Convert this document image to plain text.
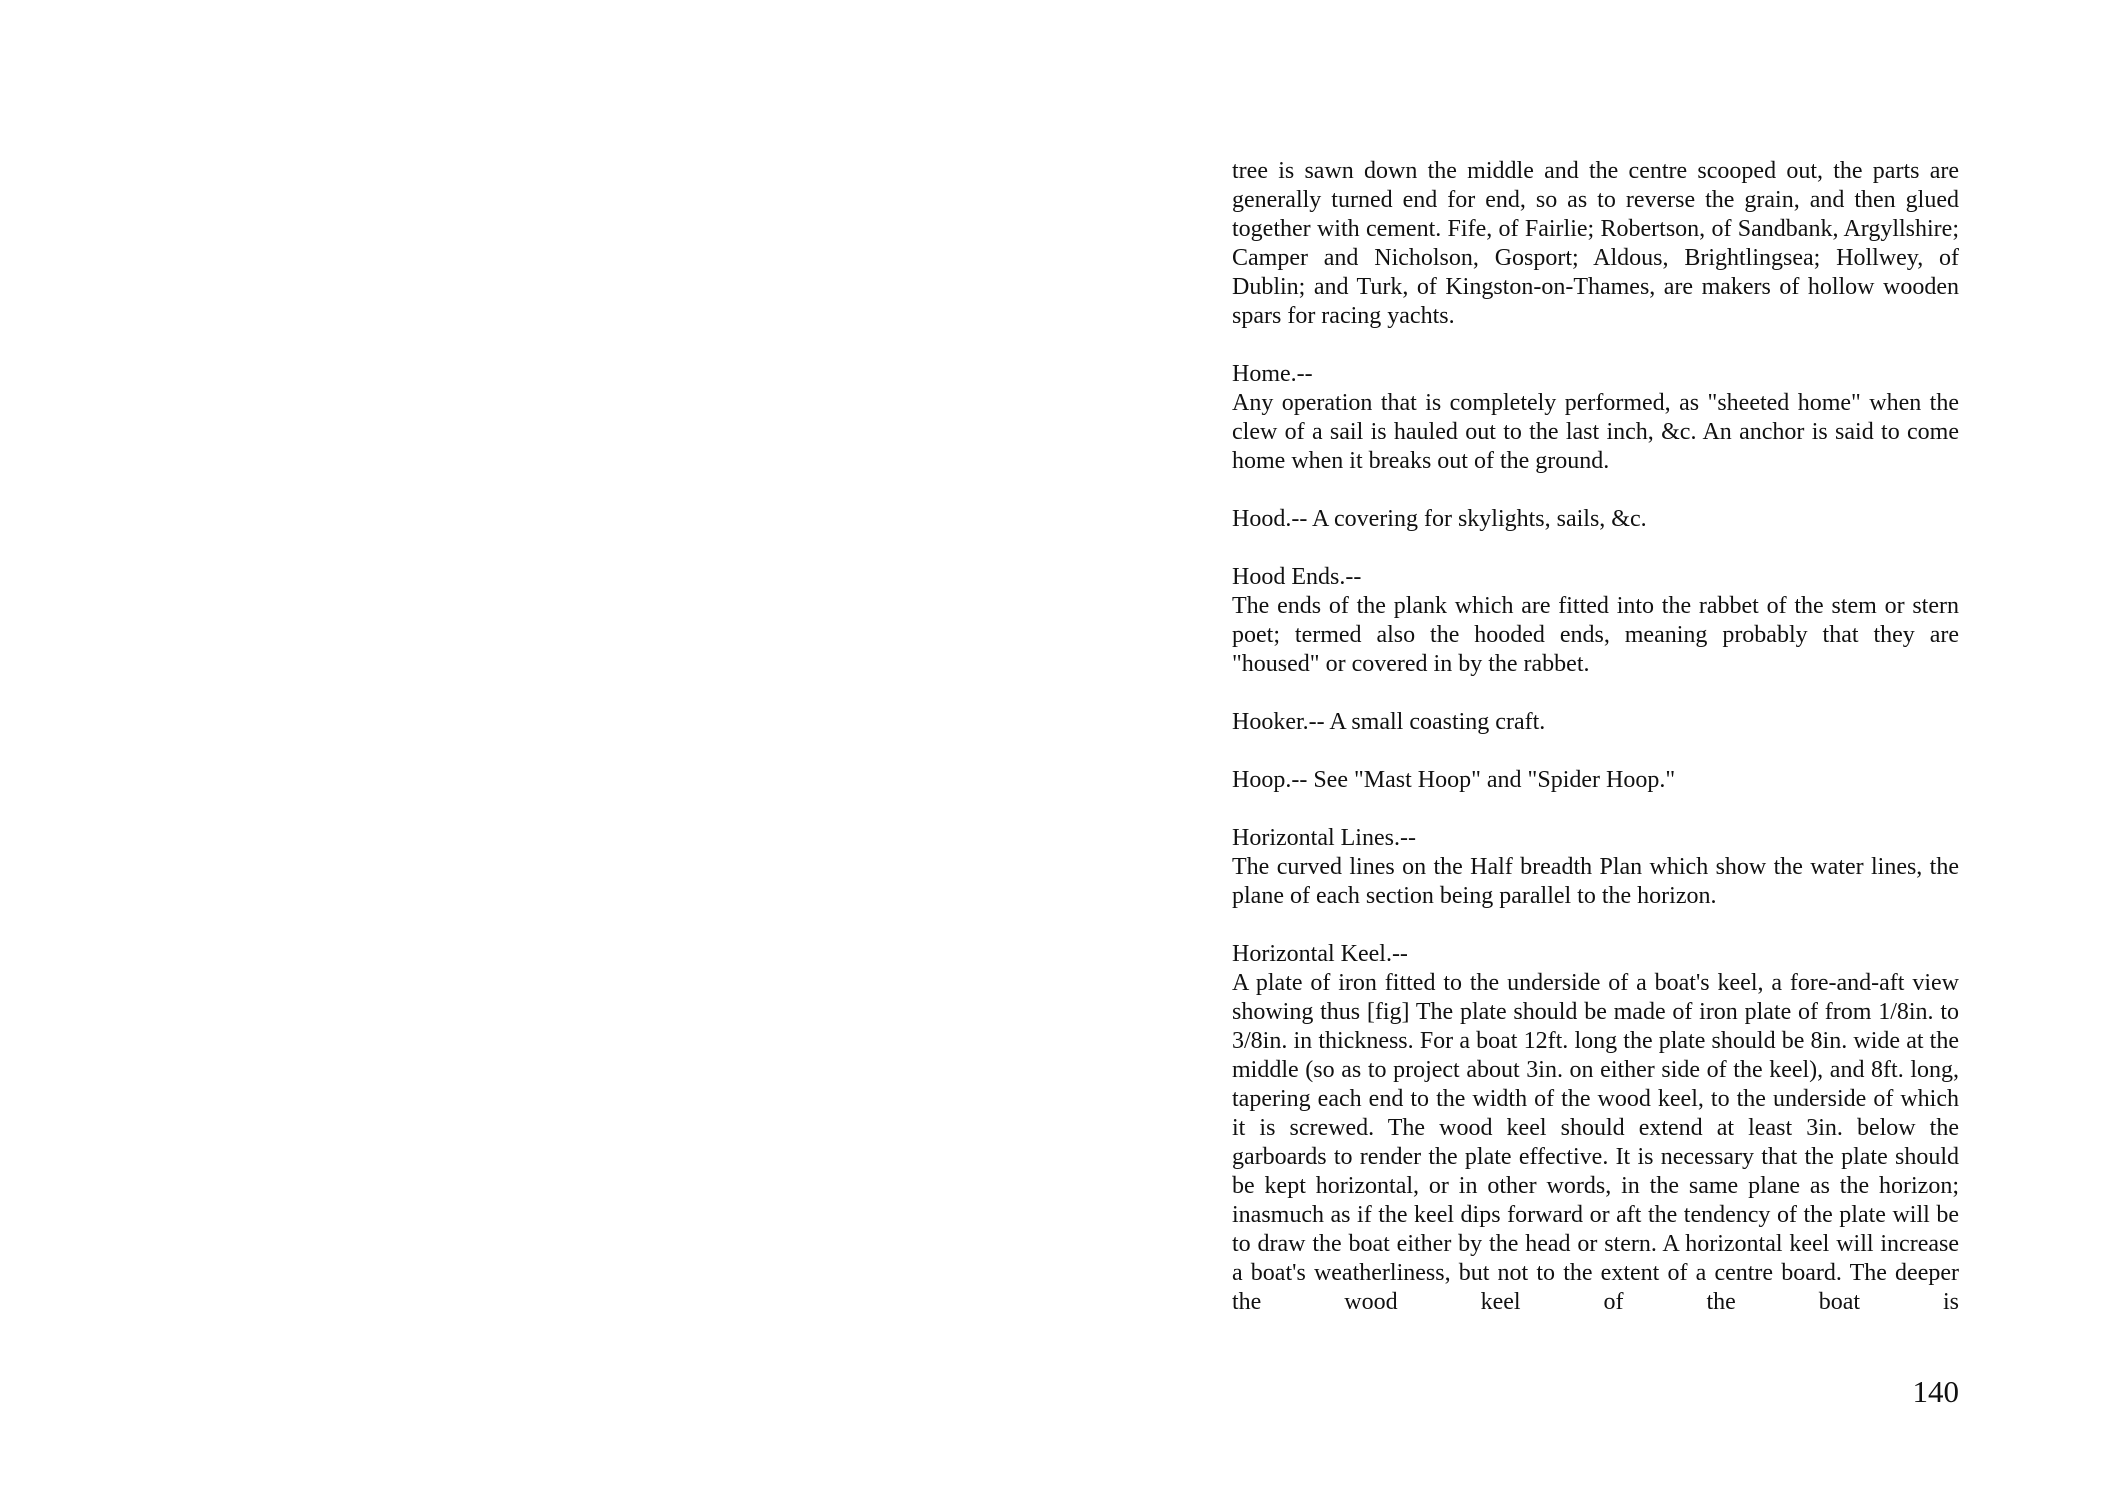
tree is sawn down the middle and the centre scooped out, the parts are generally turned end for end, so as to reverse the grain, and then glued together with cement. Fife, of Fairlie; Robertson, of Sandbank, Argyllshire; Camper and Nicholson, Gosport; Aldous, Brightlingsea; Hollwey, of Dublin; and Turk, of Kingston-on-Thames, are makers of hollow wooden spars for racing yachts.
Home.--
Any operation that is completely performed, as "sheeted home" when the clew of a sail is hauled out to the last inch, &c. An anchor is said to come home when it breaks out of the ground.
Hood.-- A covering for skylights, sails, &c.
Hood Ends.--
The ends of the plank which are fitted into the rabbet of the stem or stern poet; termed also the hooded ends, meaning probably that they are "housed" or covered in by the rabbet.
Hooker.-- A small coasting craft.
Hoop.-- See "Mast Hoop" and "Spider Hoop."
Horizontal Lines.--
The curved lines on the Half breadth Plan which show the water lines, the plane of each section being parallel to the horizon.
Horizontal Keel.--
A plate of iron fitted to the underside of a boat's keel, a fore-and-aft view showing thus [fig] The plate should be made of iron plate of from 1/8in. to 3/8in. in thickness. For a boat 12ft. long the plate should be 8in. wide at the middle (so as to project about 3in. on either side of the keel), and 8ft. long, tapering each end to the width of the wood keel, to the underside of which it is screwed. The wood keel should extend at least 3in. below the garboards to render the plate effective. It is necessary that the plate should be kept horizontal, or in other words, in the same plane as the horizon; inasmuch as if the keel dips forward or aft the tendency of the plate will be to draw the boat either by the head or stern. A horizontal keel will increase a boat's weatherliness, but not to the extent of a centre board. The deeper the wood keel of the boat is
140
